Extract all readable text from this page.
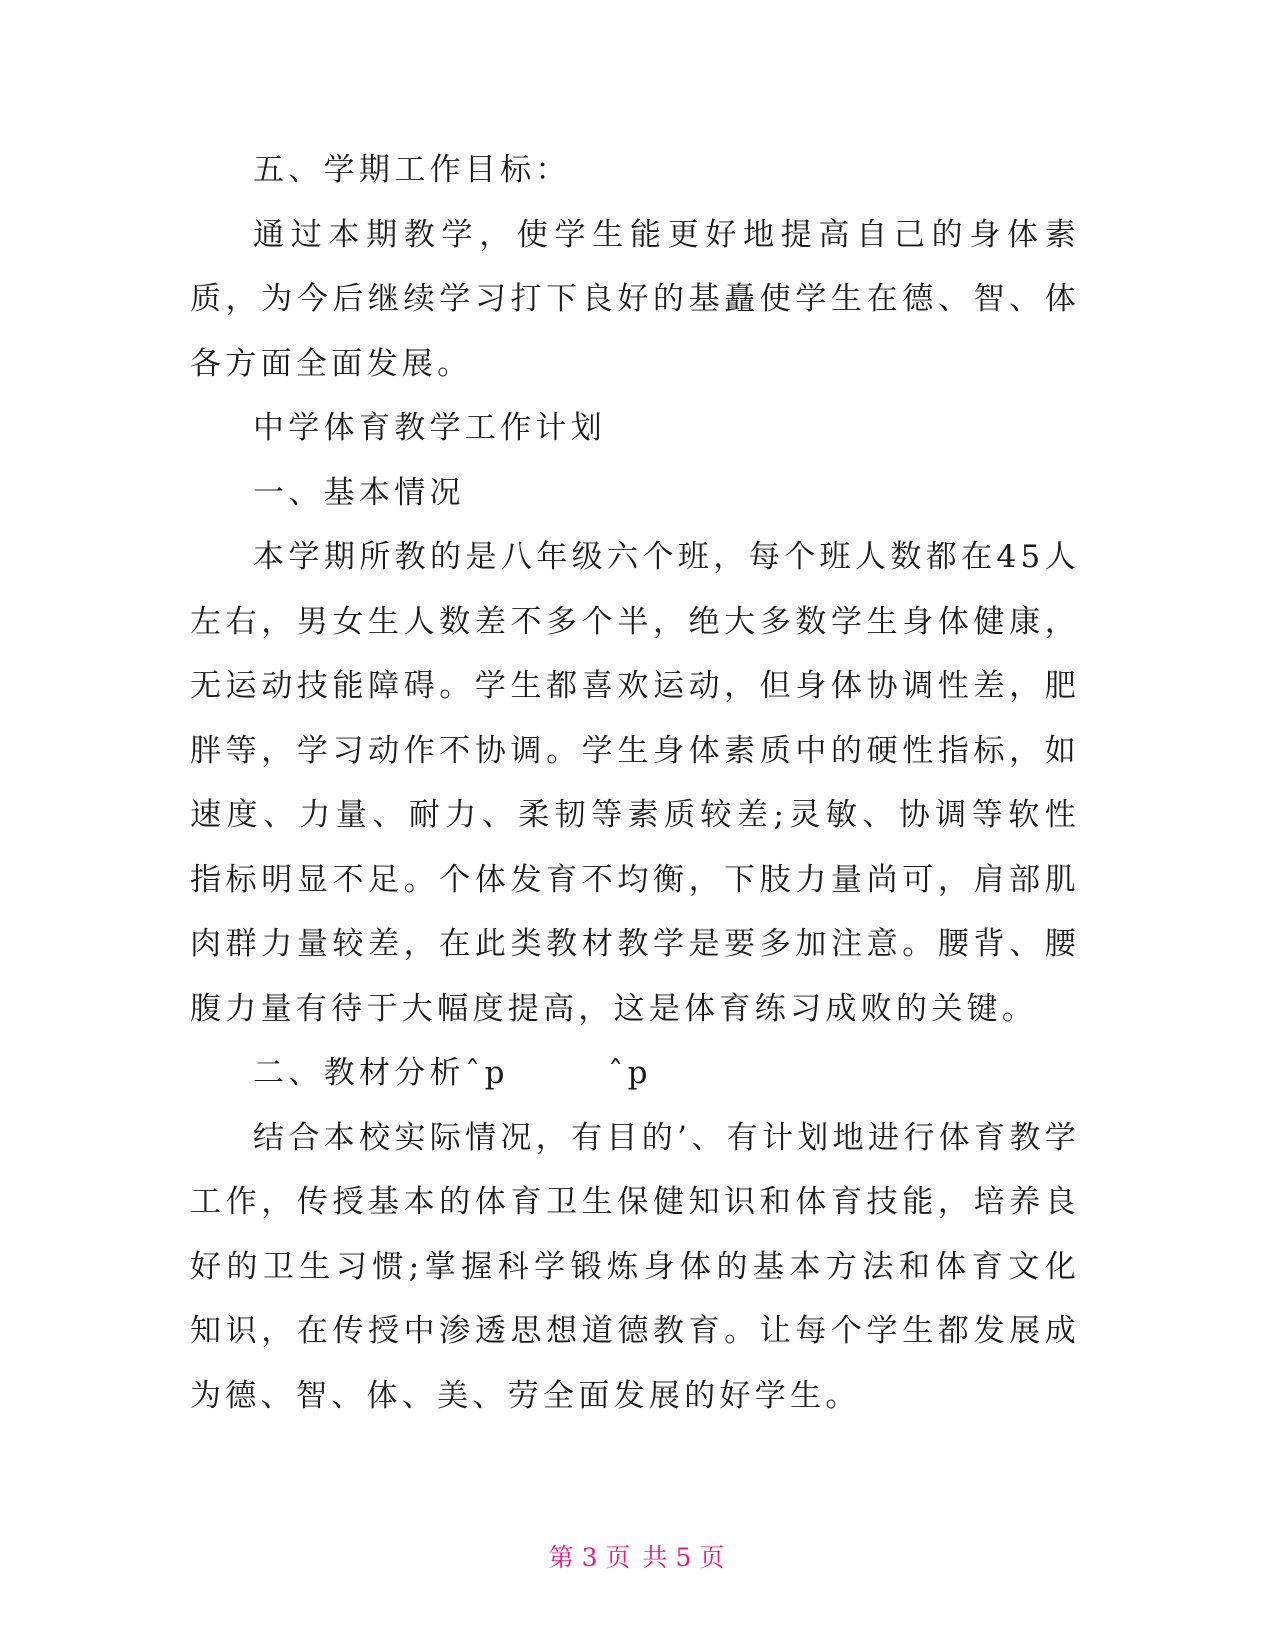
五、学期工作目标：

通过本期教学，使学生能更好地提高自己的身体素质，为今后继续学习打下良好的基矗使学生在德、智、体各方面全面发展。

中学体育教学工作计划

一、基本情况

本学期所教的是八年级六个班，每个班人数都在45人左右，男女生人数差不多个半，绝大多数学生身体健康，无运动技能障碍。学生都喜欢运动，但身体协调性差，肥胖等，学习动作不协调。学生身体素质中的硬性指标，如速度、力量、耐力、柔韧等素质较差;灵敏、协调等软性指标明显不足。个体发育不均衡，下肢力量尚可，肩部肌肉群力量较差，在此类教材教学是要多加注意。腰背、腰腹力量有待于大幅度提高，这是体育练习成败的关键。

二、教材分析ˆp       ˆp

结合本校实际情况，有目的’、有计划地进行体育教学工作，传授基本的体育卫生保健知识和体育技能，培养良好的卫生习惯;掌握科学锻炼身体的基本方法和体育文化知识，在传授中渗透思想道德教育。让每个学生都发展成为德、智、体、美、劳全面发展的好学生。

第 3 页 共 5 页
